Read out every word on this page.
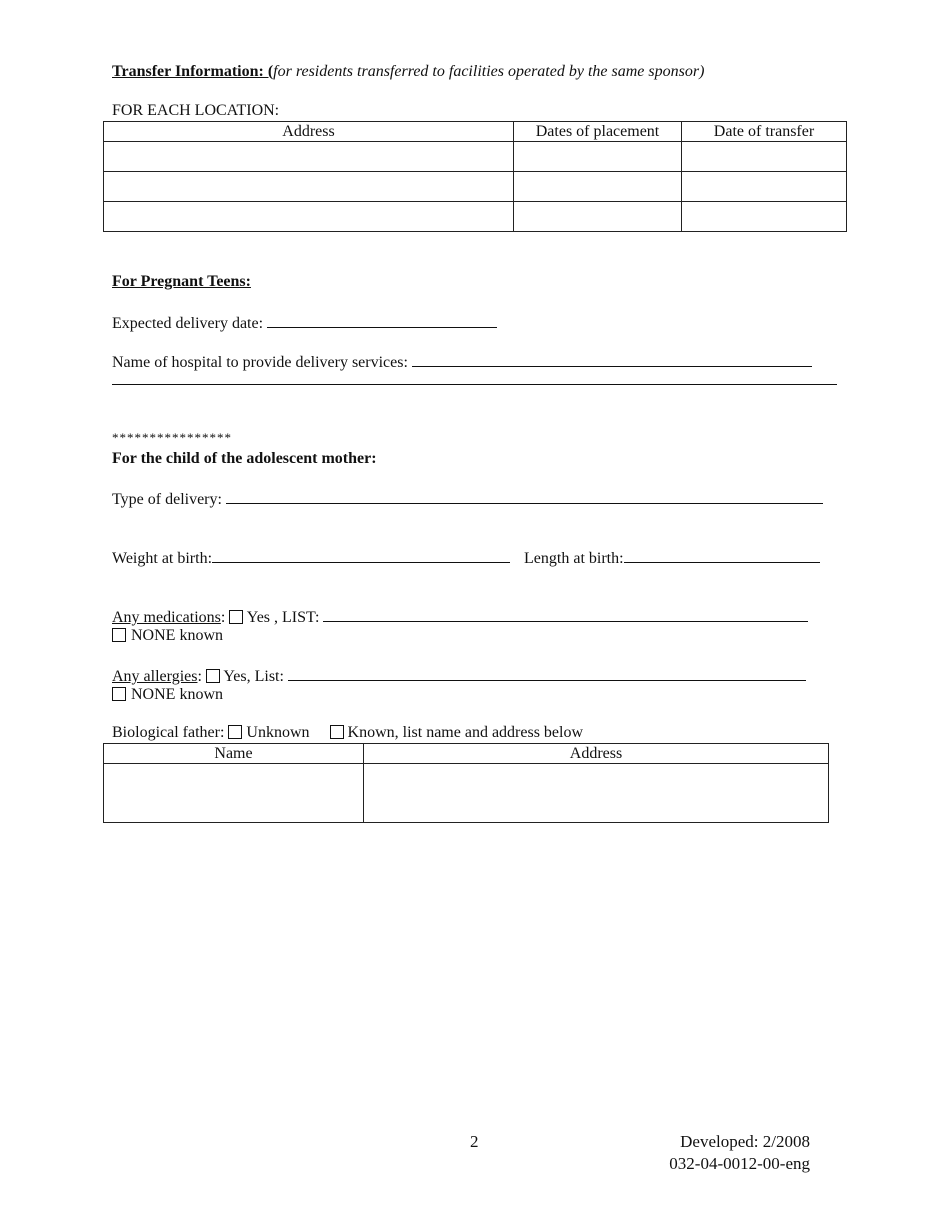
Transfer Information: (for residents transferred to facilities operated by the same sponsor)
FOR EACH LOCATION:
Address	Dates of placement	Date of transfer

For Pregnant Teens:
Expected delivery date:
Name of hospital to provide delivery services:
****************
For the child of the adolescent mother:
Type of delivery:
Weight at birth:	Length at birth:
Any medications: Yes , LIST:
NONE known
Any allergies: Yes, List:
NONE known
Biological father: Unknown Known, list name and address below
Name	Address

2	Developed: 2/2008
032-04-0012-00-eng
